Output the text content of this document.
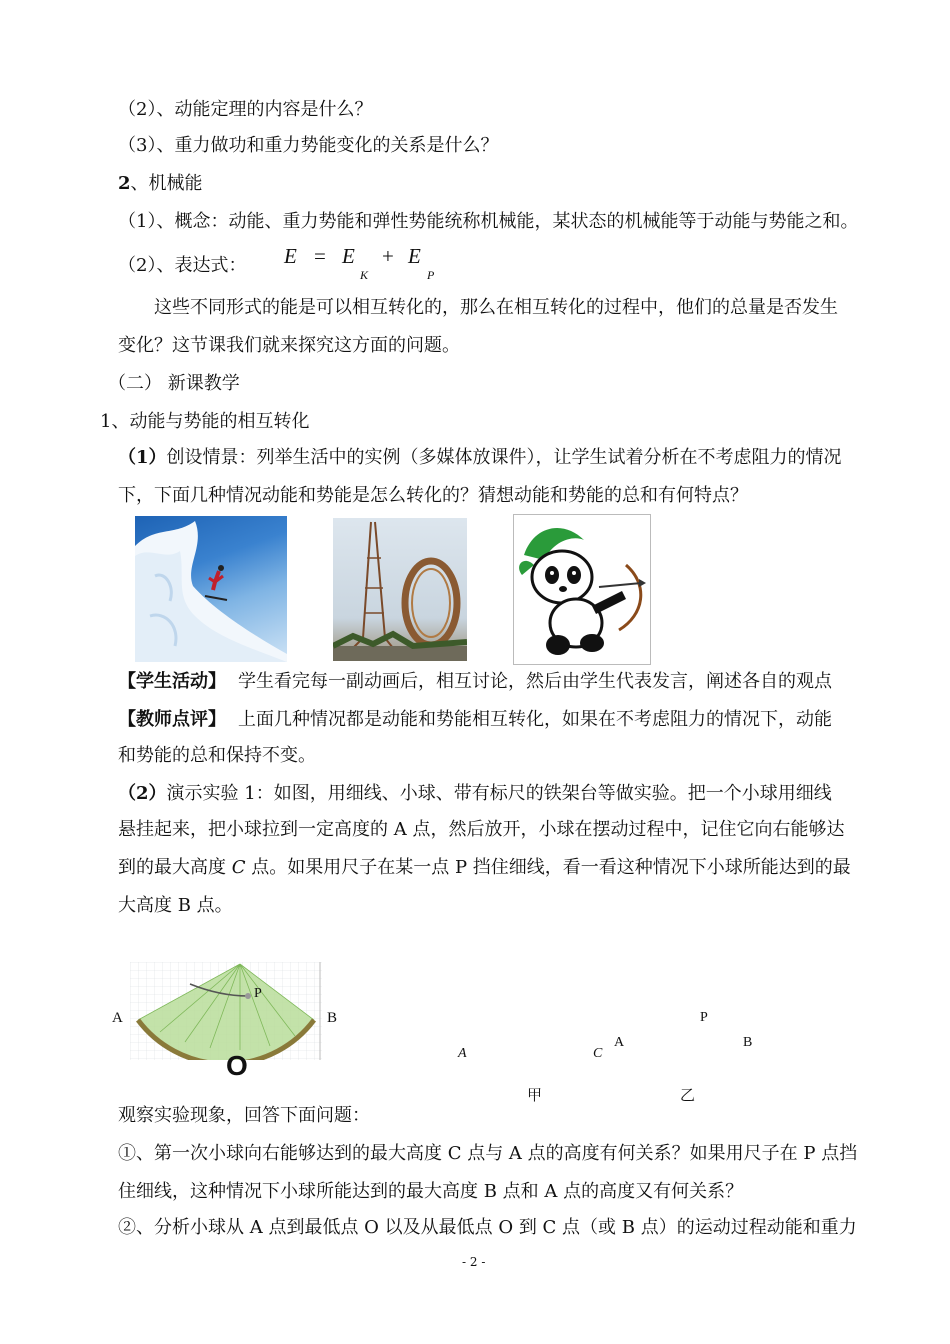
（2）、动能定理的内容是什么？
（3）、重力做功和重力势能变化的关系是什么？
2、机械能
（1）、概念：动能、重力势能和弹性势能统称机械能，某状态的机械能等于动能与势能之和。
（2）、表达式： E = E
K
+ E
P
这些不同形式的能是可以相互转化的，那么在相互转化的过程中，他们的总量是否发生
变化？这节课我们就来探究这方面的问题。
（二） 新课教学
1、动能与势能的相互转化
（1）创设情景：列举生活中的实例（多媒体放课件），让学生试着分析在不考虑阻力的情况
下，下面几种情况动能和势能是怎么转化的？猜想动能和势能的总和有何特点？
【学生活动】 学生看完每一副动画后，相互讨论，然后由学生代表发言，阐述各自的观点
【教师点评】 上面几种情况都是动能和势能相互转化，如果在不考虑阻力的情况下，动能
和势能的总和保持不变。
（2）演示实验 1：如图，用细线、小球、带有标尺的铁架台等做实验。把一个小球用细线
悬挂起来，把小球拉到一定高度的 A 点，然后放开，小球在摆动过程中，记住它向右能够达
到的最大高度 C 点。如果用尺子在某一点 P 挡住细线，看一看这种情况下小球所能达到的最
大高度 B 点。
A	B
P
O	A	C
A
P
B
甲	乙
观察实验现象，回答下面问题：
①、第一次小球向右能够达到的最大高度 C 点与 A 点的高度有何关系？如果用尺子在 P 点挡
住细线，这种情况下小球所能达到的最大高度 B 点和 A 点的高度又有何关系？
②、分析小球从 A 点到最低点 O 以及从最低点 O 到 C 点（或 B 点）的运动过程动能和重力
- 2 -
